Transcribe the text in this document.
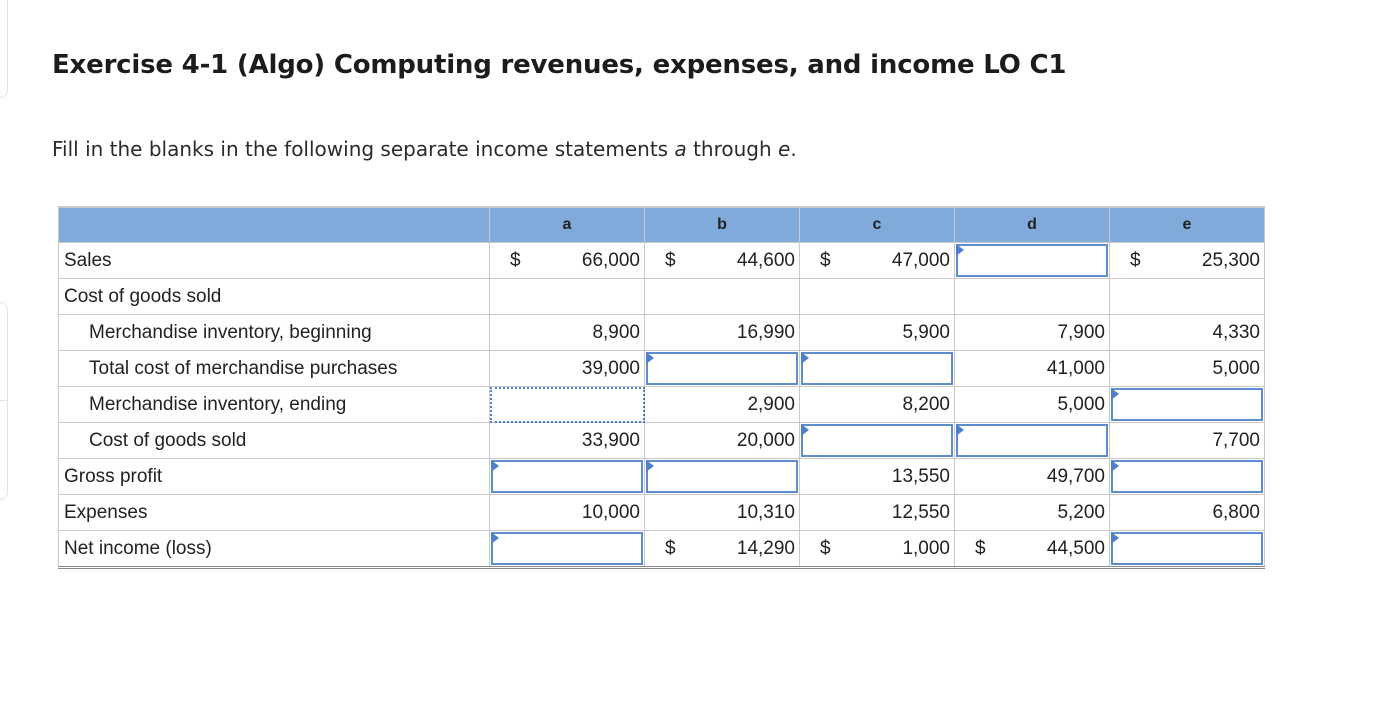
Exercise 4-1 (Algo) Computing revenues, expenses, and income LO C1

Fill in the blanks in the following separate income statements a through e.

	a	b	c	d	e
Sales	$ 66,000	$ 44,600	$ 47,000		$ 25,300

Cost of goods sold					
Merchandise inventory, beginning	8,900	16,990	5,900	7,900	4,330

Total cost of merchandise purchases	39,000			41,000	5,000

Merchandise inventory, ending		2,900	8,200	5,000	

Cost of goods sold	33,900	20,000			7,700

Gross profit			13,550	49,700	

Expenses	10,000	10,310	12,550	5,200	6,800

Net income (loss)		$ 14,290	$ 1,000	$ 44,500	
